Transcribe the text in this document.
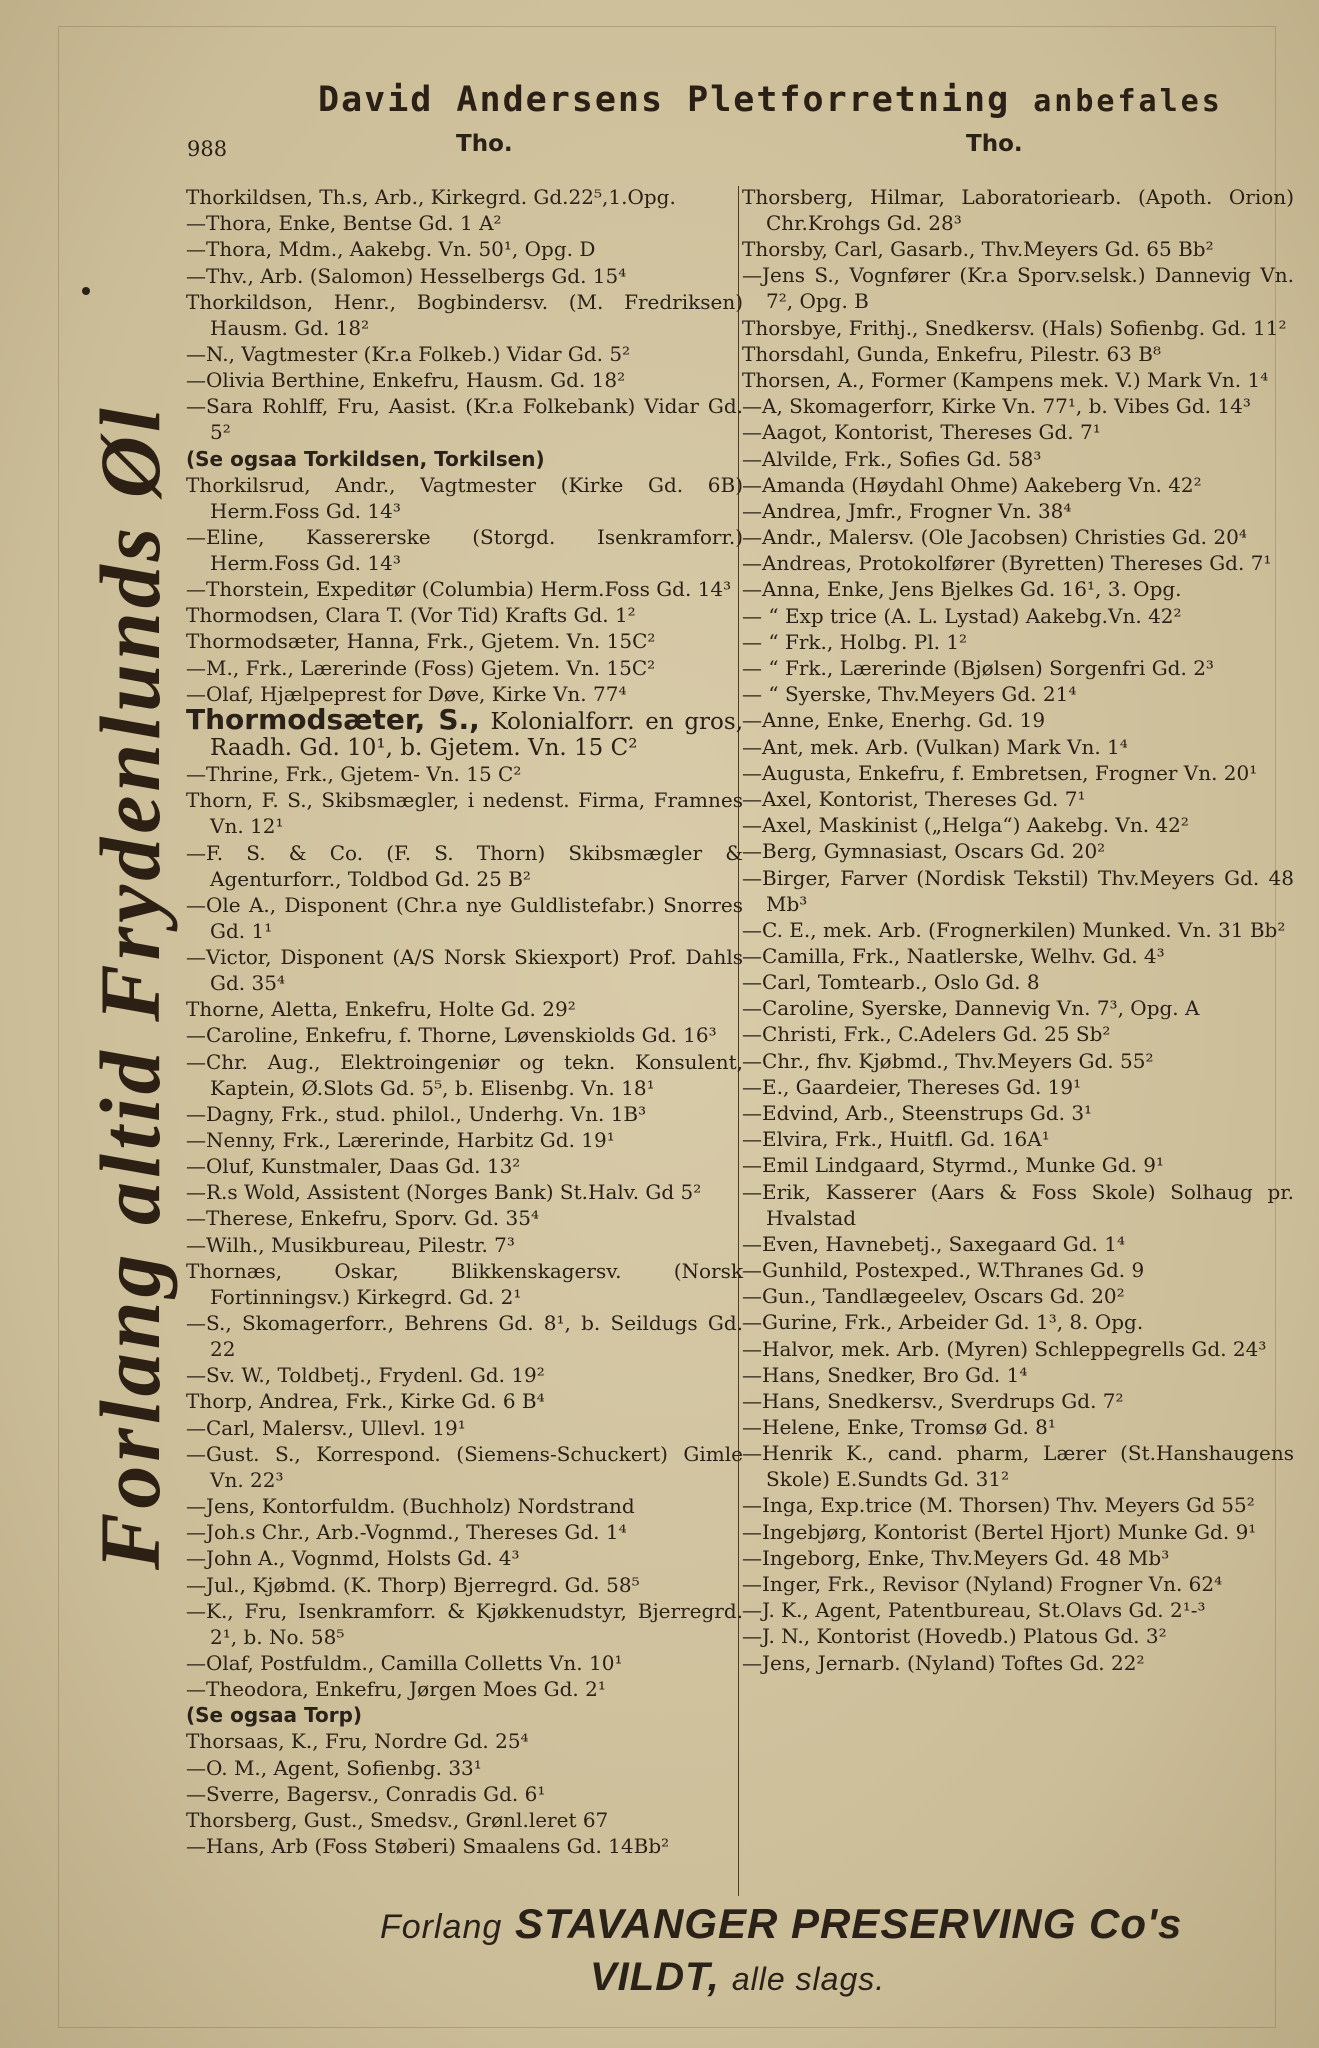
David Andersens Pletforretning anbefales
988	Tho.	Tho.
Forlang altid Frydenlunds Øl
Thorkildsen, Th.s, Arb., Kirkegrd. Gd.22⁵,1.Opg.
—Thora, Enke, Bentse Gd. 1 A²
—Thora, Mdm., Aakebg. Vn. 50¹, Opg. D
—Thv., Arb. (Salomon) Hesselbergs Gd. 15⁴
Thorkildson, Henr., Bogbindersv. (M. Fredriksen) Hausm. Gd. 18²
—N., Vagtmester (Kr.a Folkeb.) Vidar Gd. 5²
—Olivia Berthine, Enkefru, Hausm. Gd. 18²
—Sara Rohlff, Fru, Aasist. (Kr.a Folkebank) Vidar Gd. 5²
(Se ogsaa Torkildsen, Torkilsen)
Thorkilsrud, Andr., Vagtmester (Kirke Gd. 6B) Herm.Foss Gd. 14³
—Eline, Kassererske (Storgd. Isenkramforr.) Herm.Foss Gd. 14³
—Thorstein, Expeditør (Columbia) Herm.Foss Gd. 14³
Thormodsen, Clara T. (Vor Tid) Krafts Gd. 1²
Thormodsæter, Hanna, Frk., Gjetem. Vn. 15C²
—M., Frk., Lærerinde (Foss) Gjetem. Vn. 15C²
—Olaf, Hjælpeprest for Døve, Kirke Vn. 77⁴
Thormodsæter, S., Kolonialforr. en gros, Raadh. Gd. 10¹, b. Gjetem. Vn. 15 C²
—Thrine, Frk., Gjetem- Vn. 15 C²
Thorn, F. S., Skibsmægler, i nedenst. Firma, Framnes Vn. 12¹
—F. S. & Co. (F. S. Thorn) Skibsmægler & Agenturforr., Toldbod Gd. 25 B²
—Ole A., Disponent (Chr.a nye Guldlistefabr.) Snorres Gd. 1¹
—Victor, Disponent (A/S Norsk Skiexport) Prof. Dahls Gd. 35⁴
Thorne, Aletta, Enkefru, Holte Gd. 29²
—Caroline, Enkefru, f. Thorne, Løvenskiolds Gd. 16³
—Chr. Aug., Elektroingeniør og tekn. Konsulent, Kaptein, Ø.Slots Gd. 5⁵, b. Elisenbg. Vn. 18¹
—Dagny, Frk., stud. philol., Underhg. Vn. 1B³
—Nenny, Frk., Lærerinde, Harbitz Gd. 19¹
—Oluf, Kunstmaler, Daas Gd. 13²
—R.s Wold, Assistent (Norges Bank) St.Halv. Gd 5²
—Therese, Enkefru, Sporv. Gd. 35⁴
—Wilh., Musikbureau, Pilestr. 7³
Thornæs, Oskar, Blikkenskagersv. (Norsk Fortinningsv.) Kirkegrd. Gd. 2¹
—S., Skomagerforr., Behrens Gd. 8¹, b. Seildugs Gd. 22
—Sv. W., Toldbetj., Frydenl. Gd. 19²
Thorp, Andrea, Frk., Kirke Gd. 6 B⁴
—Carl, Malersv., Ullevl. 19¹
—Gust. S., Korrespond. (Siemens-Schuckert) Gimle Vn. 22³
—Jens, Kontorfuldm. (Buchholz) Nordstrand
—Joh.s Chr., Arb.-Vognmd., Thereses Gd. 1⁴
—John A., Vognmd, Holsts Gd. 4³
—Jul., Kjøbmd. (K. Thorp) Bjerregrd. Gd. 58⁵
—K., Fru, Isenkramforr. & Kjøkkenudstyr, Bjerregrd. 2¹, b. No. 58⁵
—Olaf, Postfuldm., Camilla Colletts Vn. 10¹
—Theodora, Enkefru, Jørgen Moes Gd. 2¹
(Se ogsaa Torp)
Thorsaas, K., Fru, Nordre Gd. 25⁴
—O. M., Agent, Sofienbg. 33¹
—Sverre, Bagersv., Conradis Gd. 6¹
Thorsberg, Gust., Smedsv., Grønl.leret 67
—Hans, Arb (Foss Støberi) Smaalens Gd. 14Bb²
Thorsberg, Hilmar, Laboratoriearb. (Apoth. Orion) Chr.Krohgs Gd. 28³
Thorsby, Carl, Gasarb., Thv.Meyers Gd. 65 Bb²
—Jens S., Vognfører (Kr.a Sporv.selsk.) Dannevig Vn. 7², Opg. B
Thorsbye, Frithj., Snedkersv. (Hals) Sofienbg. Gd. 11²
Thorsdahl, Gunda, Enkefru, Pilestr. 63 B⁸
Thorsen, A., Former (Kampens mek. V.) Mark Vn. 1⁴
—A, Skomagerforr, Kirke Vn. 77¹, b. Vibes Gd. 14³
—Aagot, Kontorist, Thereses Gd. 7¹
—Alvilde, Frk., Sofies Gd. 58³
—Amanda (Høydahl Ohme) Aakeberg Vn. 42²
—Andrea, Jmfr., Frogner Vn. 38⁴
—Andr., Malersv. (Ole Jacobsen) Christies Gd. 20⁴
—Andreas, Protokolfører (Byretten) Thereses Gd. 7¹
—Anna, Enke, Jens Bjelkes Gd. 16¹, 3. Opg.
— “ Exp trice (A. L. Lystad) Aakebg.Vn. 42²
— “ Frk., Holbg. Pl. 1²
— “ Frk., Lærerinde (Bjølsen) Sorgenfri Gd. 2³
— “ Syerske, Thv.Meyers Gd. 21⁴
—Anne, Enke, Enerhg. Gd. 19
—Ant, mek. Arb. (Vulkan) Mark Vn. 1⁴
—Augusta, Enkefru, f. Embretsen, Frogner Vn. 20¹
—Axel, Kontorist, Thereses Gd. 7¹
—Axel, Maskinist („Helga“) Aakebg. Vn. 42²
—Berg, Gymnasiast, Oscars Gd. 20²
—Birger, Farver (Nordisk Tekstil) Thv.Meyers Gd. 48 Mb³
—C. E., mek. Arb. (Frognerkilen) Munked. Vn. 31 Bb²
—Camilla, Frk., Naatlerske, Welhv. Gd. 4³
—Carl, Tomtearb., Oslo Gd. 8
—Caroline, Syerske, Dannevig Vn. 7³, Opg. A
—Christi, Frk., C.Adelers Gd. 25 Sb²
—Chr., fhv. Kjøbmd., Thv.Meyers Gd. 55²
—E., Gaardeier, Thereses Gd. 19¹
—Edvind, Arb., Steenstrups Gd. 3¹
—Elvira, Frk., Huitfl. Gd. 16A¹
—Emil Lindgaard, Styrmd., Munke Gd. 9¹
—Erik, Kasserer (Aars & Foss Skole) Solhaug pr. Hvalstad
—Even, Havnebetj., Saxegaard Gd. 1⁴
—Gunhild, Postexped., W.Thranes Gd. 9
—Gun., Tandlægeelev, Oscars Gd. 20²
—Gurine, Frk., Arbeider Gd. 1³, 8. Opg.
—Halvor, mek. Arb. (Myren) Schleppegrells Gd. 24³
—Hans, Snedker, Bro Gd. 1⁴
—Hans, Snedkersv., Sverdrups Gd. 7²
—Helene, Enke, Tromsø Gd. 8¹
—Henrik K., cand. pharm, Lærer (St.Hanshaugens Skole) E.Sundts Gd. 31²
—Inga, Exp.trice (M. Thorsen) Thv. Meyers Gd 55²
—Ingebjørg, Kontorist (Bertel Hjort) Munke Gd. 9¹
—Ingeborg, Enke, Thv.Meyers Gd. 48 Mb³
—Inger, Frk., Revisor (Nyland) Frogner Vn. 62⁴
—J. K., Agent, Patentbureau, St.Olavs Gd. 2¹-³
—J. N., Kontorist (Hovedb.) Platous Gd. 3²
—Jens, Jernarb. (Nyland) Toftes Gd. 22²
Forlang STAVANGER PRESERVING Co's
VILDT, alle slags.
